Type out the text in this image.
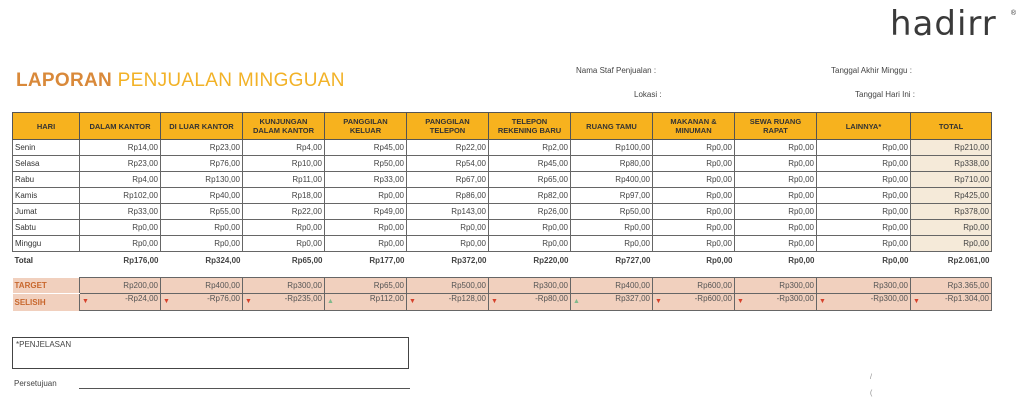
hadirr ®
LAPORAN PENJUALAN MINGGUAN	Nama Staf Penjualan :
Lokasi :
Tanggal Akhir Minggu :
Tanggal Hari Ini :
HARI	DALAM KANTOR	DI LUAR KANTOR	KUNJUNGAN DALAM KANTOR	PANGGILAN KELUAR	PANGGILAN TELEPON	TELEPON REKENING BARU	RUANG TAMU	MAKANAN & MINUMAN	SEWA RUANG RAPAT	LAINNYA*	TOTAL
Senin	Rp14,00	Rp23,00	Rp4,00	Rp45,00	Rp22,00	Rp2,00	Rp100,00	Rp0,00	Rp0,00	Rp0,00	Rp210,00
Selasa	Rp23,00	Rp76,00	Rp10,00	Rp50,00	Rp54,00	Rp45,00	Rp80,00	Rp0,00	Rp0,00	Rp0,00	Rp338,00
Rabu	Rp4,00	Rp130,00	Rp11,00	Rp33,00	Rp67,00	Rp65,00	Rp400,00	Rp0,00	Rp0,00	Rp0,00	Rp710,00
Kamis	Rp102,00	Rp40,00	Rp18,00	Rp0,00	Rp86,00	Rp82,00	Rp97,00	Rp0,00	Rp0,00	Rp0,00	Rp425,00
Jumat	Rp33,00	Rp55,00	Rp22,00	Rp49,00	Rp143,00	Rp26,00	Rp50,00	Rp0,00	Rp0,00	Rp0,00	Rp378,00
Sabtu	Rp0,00	Rp0,00	Rp0,00	Rp0,00	Rp0,00	Rp0,00	Rp0,00	Rp0,00	Rp0,00	Rp0,00	Rp0,00
Minggu	Rp0,00	Rp0,00	Rp0,00	Rp0,00	Rp0,00	Rp0,00	Rp0,00	Rp0,00	Rp0,00	Rp0,00	Rp0,00
Total	Rp176,00	Rp324,00	Rp65,00	Rp177,00	Rp372,00	Rp220,00	Rp727,00	Rp0,00	Rp0,00	Rp0,00	Rp2.061,00

TARGET	Rp200,00	Rp400,00	Rp300,00	Rp65,00	Rp500,00	Rp300,00	Rp400,00	Rp600,00	Rp300,00	Rp300,00	Rp3.365,00
SELISIH	▼ -Rp24,00	▼ -Rp76,00	▼ -Rp235,00	▲ Rp112,00	▼ -Rp128,00	▼ -Rp80,00	▲ Rp327,00	▼ -Rp600,00	▼ -Rp300,00	▼ -Rp300,00	▼ -Rp1.304,00
*PENJELASAN
Persetujuan
/
(
